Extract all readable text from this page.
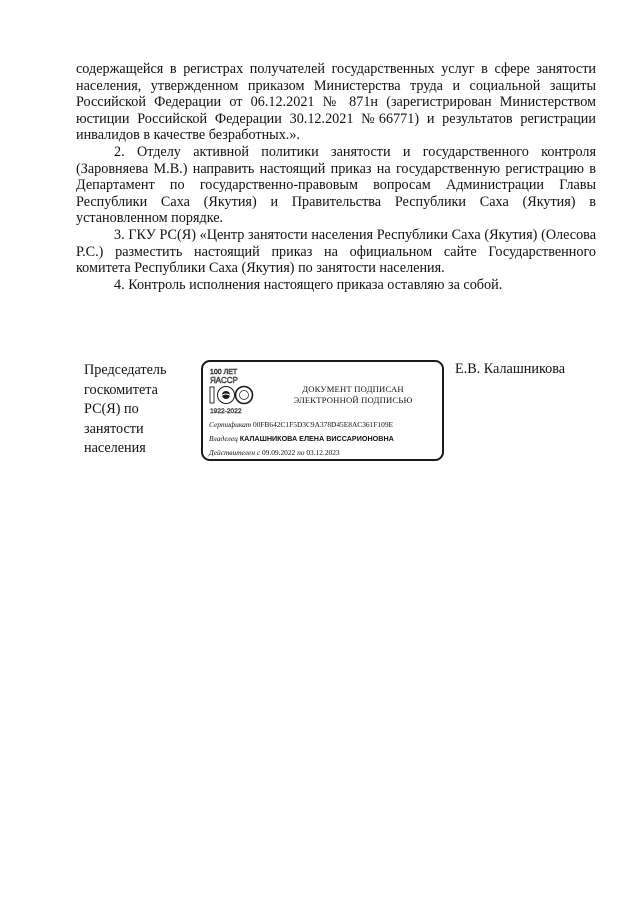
содержащейся в регистрах получателей государственных услуг в сфере занятости населения, утвержденном приказом Министерства труда и социальной защиты Российской Федерации от 06.12.2021 № 871н (зарегистрирован Министерством юстиции Российской Федерации 30.12.2021 №66771) и результатов регистрации инвалидов в качестве безработных.».

2. Отделу активной политики занятости и государственного контроля (Заровняева М.В.) направить настоящий приказ на государственную регистрацию в Департамент по государственно-правовым вопросам Администрации Главы Республики Саха (Якутия) и Правительства Республики Саха (Якутия) в установленном порядке.

3. ГКУ РС(Я) «Центр занятости населения Республики Саха (Якутия) (Олесова Р.С.) разместить настоящий приказ на официальном сайте Государственного комитета Республики Саха (Якутия) по занятости населения.

4. Контроль исполнения настоящего приказа оставляю за собой.

Председатель
госкомитета
РС(Я) по
занятости
населения
100 ЛЕТ
ЯАССР
1922-2022
ДОКУМЕНТ ПОДПИСАН
ЭЛЕКТРОННОЙ ПОДПИСЬЮ
Сертификат 00FB642C1F5D3C9A378D45E8AC361F109E
Владелец КАЛАШНИКОВА ЕЛЕНА ВИССАРИОНОВНА
Действителен с 09.09.2022 по 03.12.2023
Е.В. Калашникова
